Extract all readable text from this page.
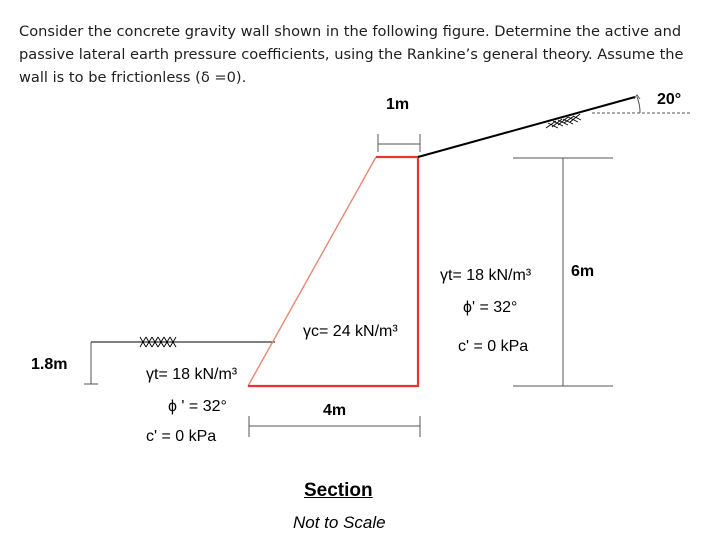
Consider the concrete gravity wall shown in the following figure. Determine the active and passive lateral earth pressure coefficients, using the Rankine’s general theory. Assume the wall is to be frictionless (δ =0).
1m	20°
6m
1.8m
4m
γc= 24 kN/m³
γt= 18 kN/m³
ϕ' = 32°
c' = 0 kPa
γt= 18 kN/m³
ϕ ' = 32°
c' = 0 kPa
Section
Not to Scale
